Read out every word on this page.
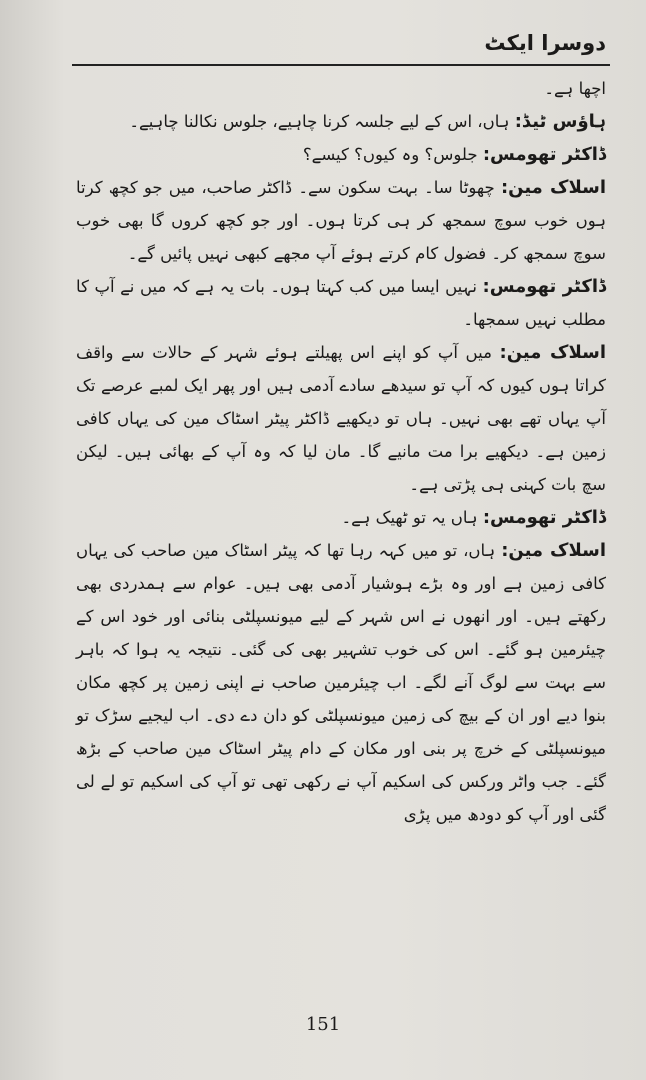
دوسرا ایکٹ

اچھا ہے۔

ہاؤس ٹیڈ: ہاں، اس کے لیے جلسہ کرنا چاہیے، جلوس نکالنا چاہیے۔

ڈاکٹر تھومس: جلوس؟ وہ کیوں؟ کیسے؟

اسلاک مین: چھوٹا سا۔ بہت سکون سے۔ ڈاکٹر صاحب، میں جو کچھ کرتا ہوں خوب سوچ سمجھ کر ہی کرتا ہوں۔ اور جو کچھ کروں گا بھی خوب سوچ سمجھ کر۔ فضول کام کرتے ہوئے آپ مجھے کبھی نہیں پائیں گے۔

ڈاکٹر تھومس: نہیں ایسا میں کب کہتا ہوں۔ بات یہ ہے کہ میں نے آپ کا مطلب نہیں سمجھا۔

اسلاک مین: میں آپ کو اپنے اس پھیلتے ہوئے شہر کے حالات سے واقف کراتا ہوں کیوں کہ آپ تو سیدھے سادے آدمی ہیں اور پھر ایک لمبے عرصے تک آپ یہاں تھے بھی نہیں۔ ہاں تو دیکھیے ڈاکٹر پیٹر اسٹاک مین کی یہاں کافی زمین ہے۔ دیکھیے برا مت مانیے گا۔ مان لیا کہ وہ آپ کے بھائی ہیں۔ لیکن سچ بات کہنی ہی پڑتی ہے۔

ڈاکٹر تھومس: ہاں یہ تو ٹھیک ہے۔

اسلاک مین: ہاں، تو میں کہہ رہا تھا کہ پیٹر اسٹاک مین صاحب کی یہاں کافی زمین ہے اور وہ بڑے ہوشیار آدمی بھی ہیں۔ عوام سے ہمدردی بھی رکھتے ہیں۔ اور انھوں نے اس شہر کے لیے میونسپلٹی بنائی اور خود اس کے چیئرمین ہو گئے۔ اس کی خوب تشہیر بھی کی گئی۔ نتیجہ یہ ہوا کہ باہر سے بہت سے لوگ آنے لگے۔ اب چیئرمین صاحب نے اپنی زمین پر کچھ مکان بنوا دیے اور ان کے بیچ کی زمین میونسپلٹی کو دان دے دی۔ اب لیجیے سڑک تو میونسپلٹی کے خرچ پر بنی اور مکان کے دام پیٹر اسٹاک مین صاحب کے بڑھ گئے۔ جب واٹر ورکس کی اسکیم آپ نے رکھی تھی تو آپ کی اسکیم تو لے لی گئی اور آپ کو دودھ میں پڑی

151
